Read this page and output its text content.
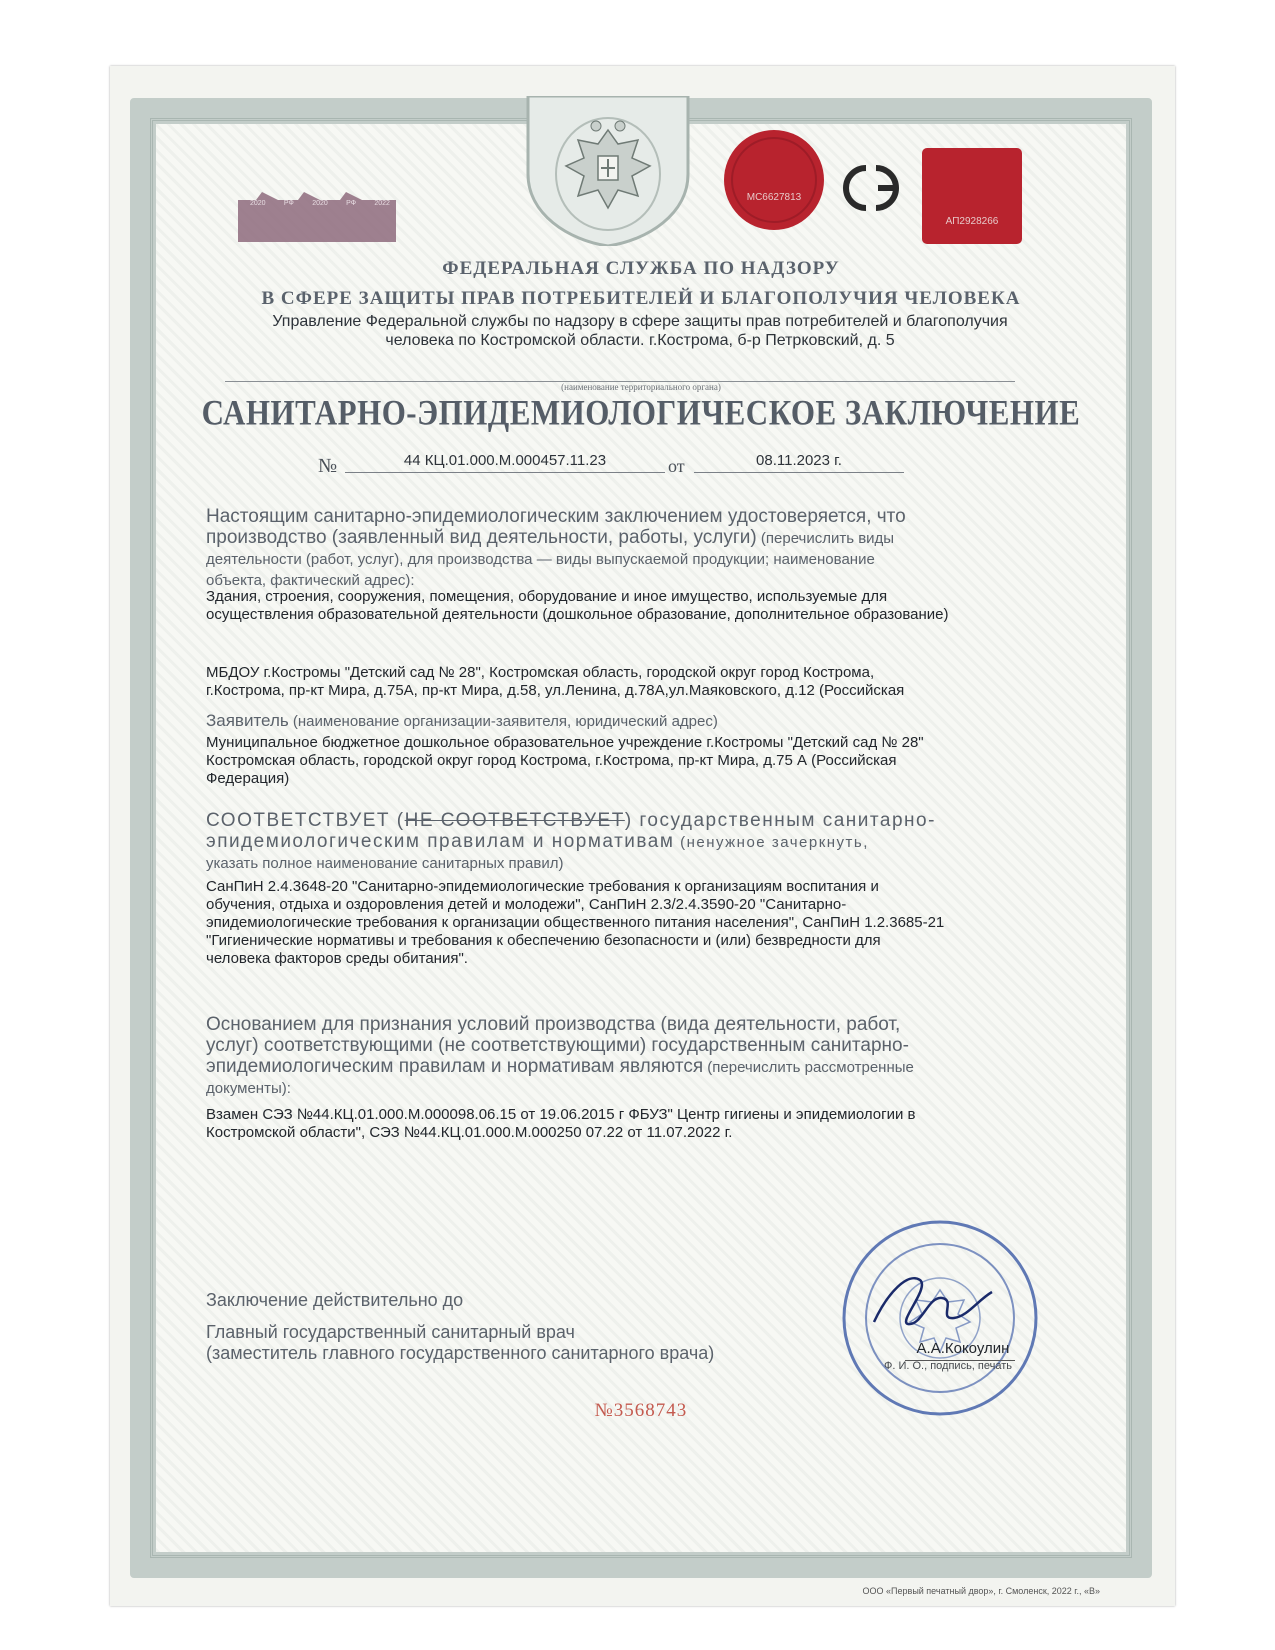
2020	РФ	2020	РФ	2022
МС6627813
АП2928266
ФЕДЕРАЛЬНАЯ СЛУЖБА ПО НАДЗОРУ
В СФЕРЕ ЗАЩИТЫ ПРАВ ПОТРЕБИТЕЛЕЙ И БЛАГОПОЛУЧИЯ ЧЕЛОВЕКА
Управление Федеральной службы по надзору в сфере защиты прав потребителей и благополучия
человека по Костромской области. г.Кострома, б-р Петрковский, д. 5
(наименование территориального органа)
САНИТАРНО-ЭПИДЕМИОЛОГИЧЕСКОЕ ЗАКЛЮЧЕНИЕ
№	44 КЦ.01.000.М.000457.11.23	от	08.11.2023 г.
Настоящим санитарно-эпидемиологическим заключением удостоверяется, что
производство (заявленный вид деятельности, работы, услуги) (перечислить виды
деятельности (работ, услуг), для производства — виды выпускаемой продукции; наименование
объекта, фактический адрес):
Здания, строения, сооружения, помещения, оборудование и иное имущество, используемые для
осуществления образовательной деятельности (дошкольное образование, дополнительное образование)
МБДОУ г.Костромы "Детский сад № 28", Костромская область, городской округ город Кострома,
г.Кострома, пр-кт Мира, д.75А, пр-кт Мира, д.58, ул.Ленина, д.78А,ул.Маяковского, д.12 (Российская
Заявитель (наименование организации-заявителя, юридический адрес)
Муниципальное бюджетное дошкольное образовательное учреждение г.Костромы "Детский сад № 28"
Костромская область, городской округ город Кострома, г.Кострома, пр-кт Мира, д.75 А (Российская
Федерация)
СООТВЕТСТВУЕТ (НЕ СООТВЕТСТВУЕТ) государственным санитарно-
эпидемиологическим правилам и нормативам (ненужное зачеркнуть,
указать полное наименование санитарных правил)
СанПиН 2.4.3648-20 "Санитарно-эпидемиологические требования к организациям воспитания и
обучения, отдыха и оздоровления детей и молодежи", СанПиН 2.3/2.4.3590-20 "Санитарно-
эпидемиологические требования к организации общественного питания населения", СанПиН 1.2.3685-21
"Гигиенические нормативы и требования к обеспечению безопасности и (или) безвредности для
человека факторов среды обитания".
Основанием для признания условий производства (вида деятельности, работ,
услуг) соответствующими (не соответствующими) государственным санитарно-
эпидемиологическим правилам и нормативам являются (перечислить рассмотренные
документы):
Взамен СЭЗ №44.КЦ.01.000.М.000098.06.15 от 19.06.2015 г ФБУЗ" Центр гигиены и эпидемиологии в
Костромской области", СЭЗ №44.КЦ.01.000.М.000250 07.22 от 11.07.2022 г.
Заключение действительно до
Главный государственный санитарный врач
(заместитель главного государственного санитарного врача)	А.А.Кокоулин
Ф. И. О., подпись, печать
№3568743
ООО «Первый печатный двор», г. Смоленск, 2022 г., «В»
